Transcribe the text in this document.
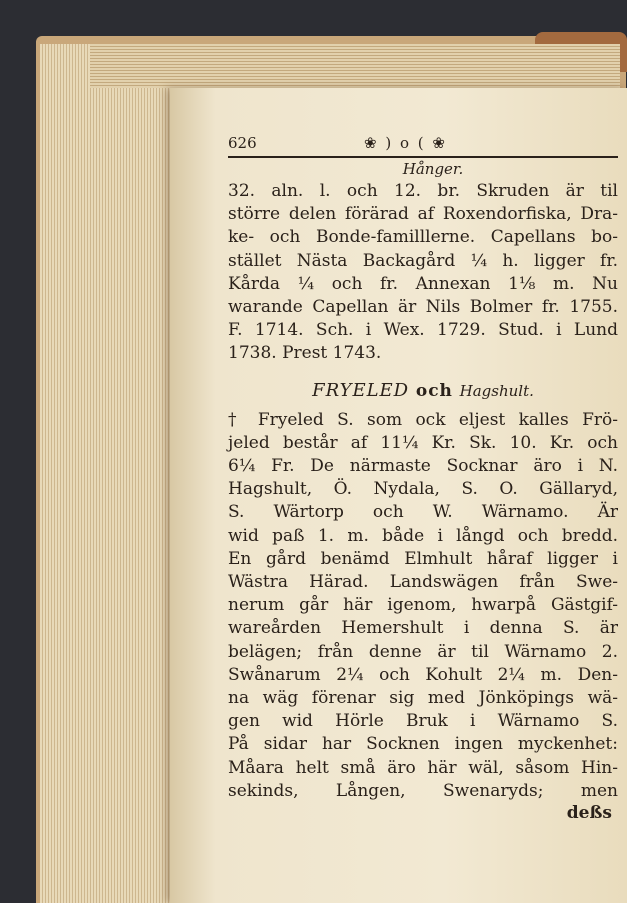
626	❀ ) o ( ❀
Hånger.
32. aln. l. och 12. br. Skruden är til
större delen förärad af Roxendorfiska, Dra-
ke- och Bonde-familllerne. Capellans bo-
stället Nästa Backagård ¼ h. ligger fr.
Kårda ¼ och fr. Annexan 1⅛ m. Nu
warande Capellan är Nils Bolmer fr. 1755.
F. 1714. Sch. i Wex. 1729. Stud. i Lund
1738. Prest 1743.
FRYELED och Hagshult.
† Fryeled S. som ock eljest kalles Frö-
jeled består af 11¼ Kr. Sk. 10. Kr. och
6¼ Fr. De närmaste Socknar äro i N.
Hagshult, Ö. Nydala, S. O. Gällaryd,
S. Wärtorp och W. Wärnamo. Är
wid paß 1. m. både i långd och bredd.
En gård benämd Elmhult håraf ligger i
Wästra Härad. Landswägen från Swe-
nerum går här igenom, hwarpå Gästgif-
wareården Hemershult i denna S. är
belägen; från denne är til Wärnamo 2.
Swånarum 2¼ och Kohult 2¼ m. Den-
na wäg förenar sig med Jönköpings wä-
gen wid Hörle Bruk i Wärnamo S.
På sidar har Socknen ingen myckenhet:
Måara helt små äro här wäl, såsom Hin-
sekinds, Lången, Swenaryds; men
deßs
